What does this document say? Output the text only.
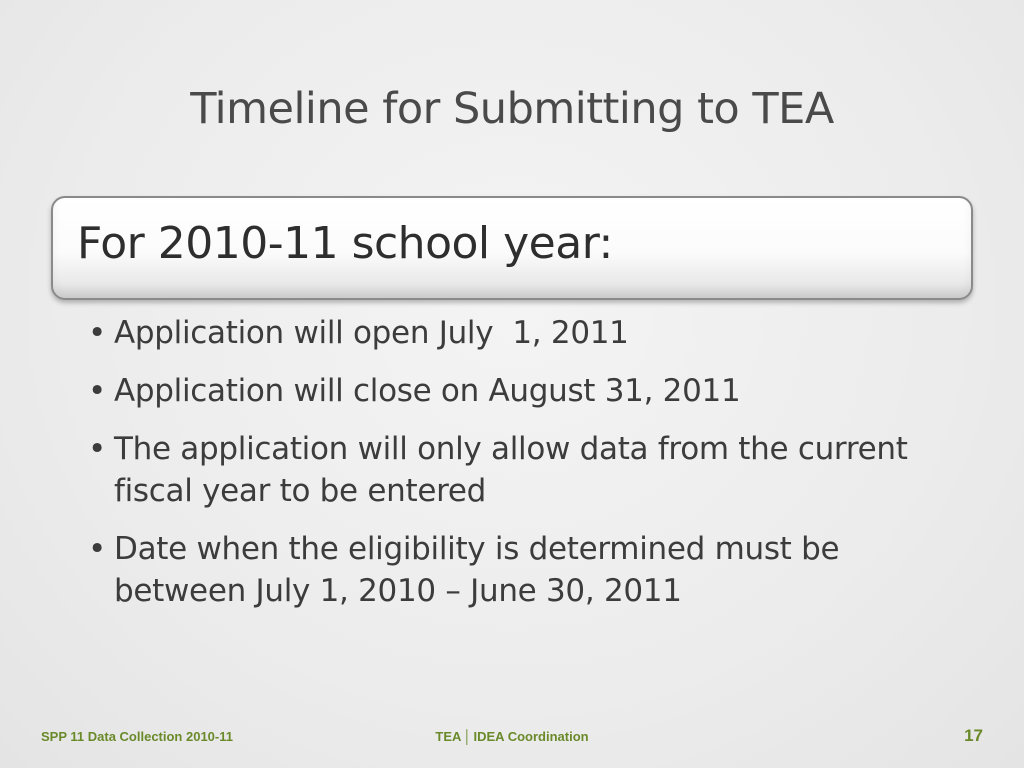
Timeline for Submitting to TEA
For 2010-11 school year:
• Application will open July  1, 2011
• Application will close on August 31, 2011
• The application will only allow data from the current fiscal year to be entered
• Date when the eligibility is determined must be between July 1, 2010 – June 30, 2011
SPP 11 Data Collection 2010-11	TEA │ IDEA Coordination	17
